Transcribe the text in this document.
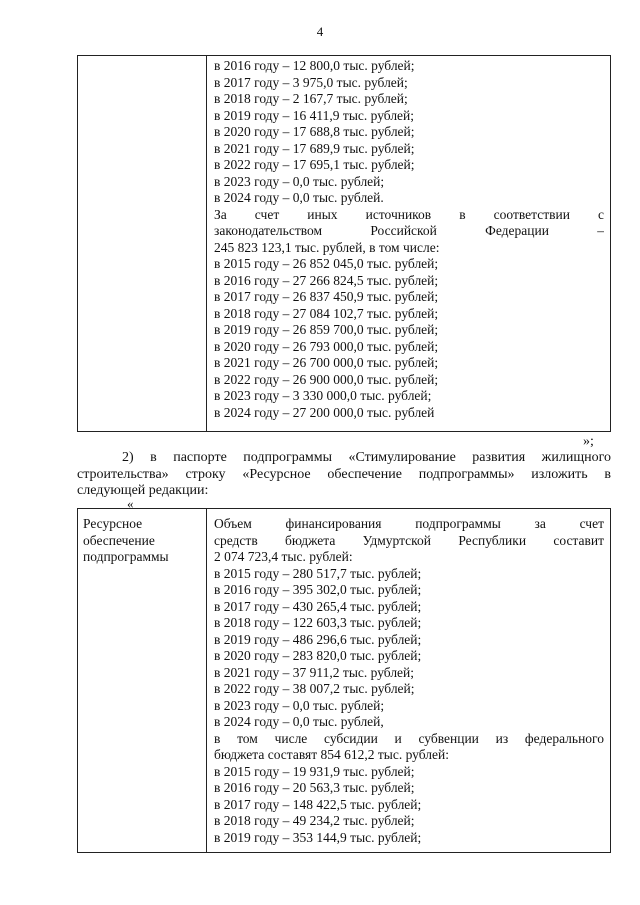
4
в 2016 году – 12 800,0 тыс. рублей;
в 2017 году – 3 975,0 тыс. рублей;
в 2018 году – 2 167,7 тыс. рублей;
в 2019 году – 16 411,9 тыс. рублей;
в 2020 году – 17 688,8 тыс. рублей;
в 2021 году – 17 689,9 тыс. рублей;
в 2022 году – 17 695,1 тыс. рублей;
в 2023 году – 0,0 тыс. рублей;
в 2024 году – 0,0 тыс. рублей.
За счет иных источников в соответствии с
законодательством Российской Федерации –
245 823 123,1 тыс. рублей, в том числе:
в 2015 году – 26 852 045,0 тыс. рублей;
в 2016 году – 27 266 824,5 тыс. рублей;
в 2017 году – 26 837 450,9 тыс. рублей;
в 2018 году – 27 084 102,7 тыс. рублей;
в 2019 году – 26 859 700,0 тыс. рублей;
в 2020 году – 26 793 000,0 тыс. рублей;
в 2021 году – 26 700 000,0 тыс. рублей;
в 2022 году – 26 900 000,0 тыс. рублей;
в 2023 году – 3 330 000,0 тыс. рублей;
в 2024 году – 27 200 000,0 тыс. рублей
»;
2) в паспорте подпрограммы «Стимулирование развития жилищного
строительства» строку «Ресурсное обеспечение подпрограммы» изложить в
следующей редакции:
«
Ресурсное
обеспечение
подпрограммы
Объем финансирования подпрограммы за счет
средств бюджета Удмуртской Республики составит
2 074 723,4 тыс. рублей:
в 2015 году – 280 517,7 тыс. рублей;
в 2016 году – 395 302,0 тыс. рублей;
в 2017 году – 430 265,4 тыс. рублей;
в 2018 году – 122 603,3 тыс. рублей;
в 2019 году – 486 296,6 тыс. рублей;
в 2020 году – 283 820,0 тыс. рублей;
в 2021 году – 37 911,2 тыс. рублей;
в 2022 году – 38 007,2 тыс. рублей;
в 2023 году – 0,0 тыс. рублей;
в 2024 году – 0,0 тыс. рублей,
в том числе субсидии и субвенции из федерального
бюджета составят 854 612,2 тыс. рублей:
в 2015 году – 19 931,9 тыс. рублей;
в 2016 году – 20 563,3 тыс. рублей;
в 2017 году – 148 422,5 тыс. рублей;
в 2018 году – 49 234,2 тыс. рублей;
в 2019 году – 353 144,9 тыс. рублей;
